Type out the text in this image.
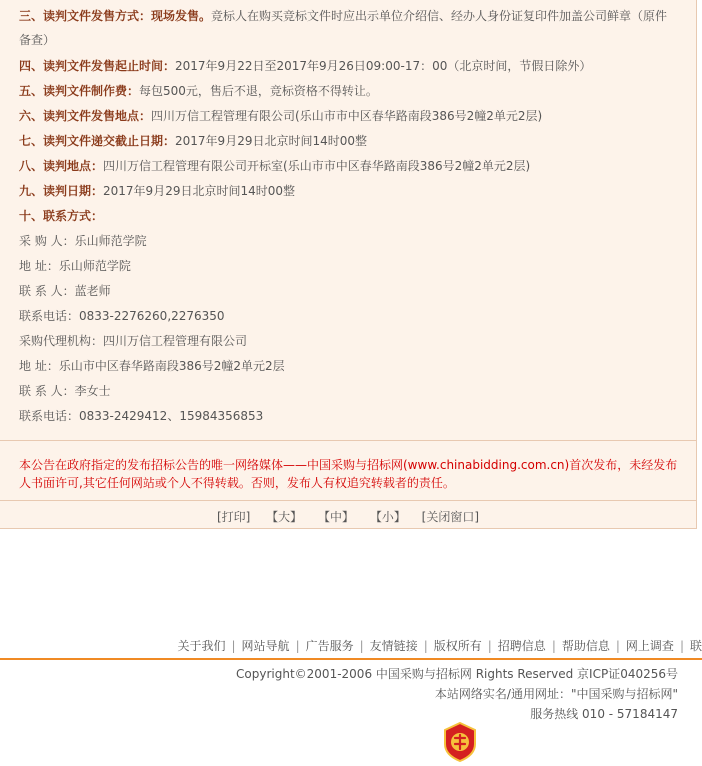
三、读判文件发售方式：现场发售。竞标人在购买竞标文件时应出示单位介绍信、经办人身份证复印件加盖公司鲜章（原件备查）
四、读判文件发售起止时间：2017年9月22日至2017年9月26日09:00-17：00（北京时间，节假日除外）
五、读判文件制作费：每包500元，售后不退，竞标资格不得转让。
六、读判文件发售地点：四川万信工程管理有限公司(乐山市市中区春华路南段386号2幢2单元2层)
七、读判文件递交截止日期：2017年9月29日北京时间14时00整
八、读判地点：四川万信工程管理有限公司开标室(乐山市市中区春华路南段386号2幢2单元2层)
九、读判日期：2017年9月29日北京时间14时00整
十、联系方式：
采 购 人：乐山师范学院
地 址：乐山师范学院
联 系 人：蓝老师
联系电话：0833-2276260,2276350
采购代理机构：四川万信工程管理有限公司
地 址：乐山市中区春华路南段386号2幢2单元2层
联 系 人：李女士
联系电话：0833-2429412、15984356853
本公告在政府指定的发布招标公告的唯一网络媒体——中国采购与招标网(www.chinabidding.com.cn)首次发布，未经发布人书面许可,其它任何网站或个人不得转载。否则，发布人有权追究转载者的责任。
[打印] 【大】 【中】 【小】 [关闭窗口]
关于我们 | 网站导航 | 广告服务 | 友情链接 | 版权所有 | 招聘信息 | 帮助信息 | 网上调查 | 联
Copyright©2001-2006 中国采购与招标网 Rights Reserved 京ICP证040256号
本站网络实名/通用网址："中国采购与招标网"
服务热线 010 - 57184147
